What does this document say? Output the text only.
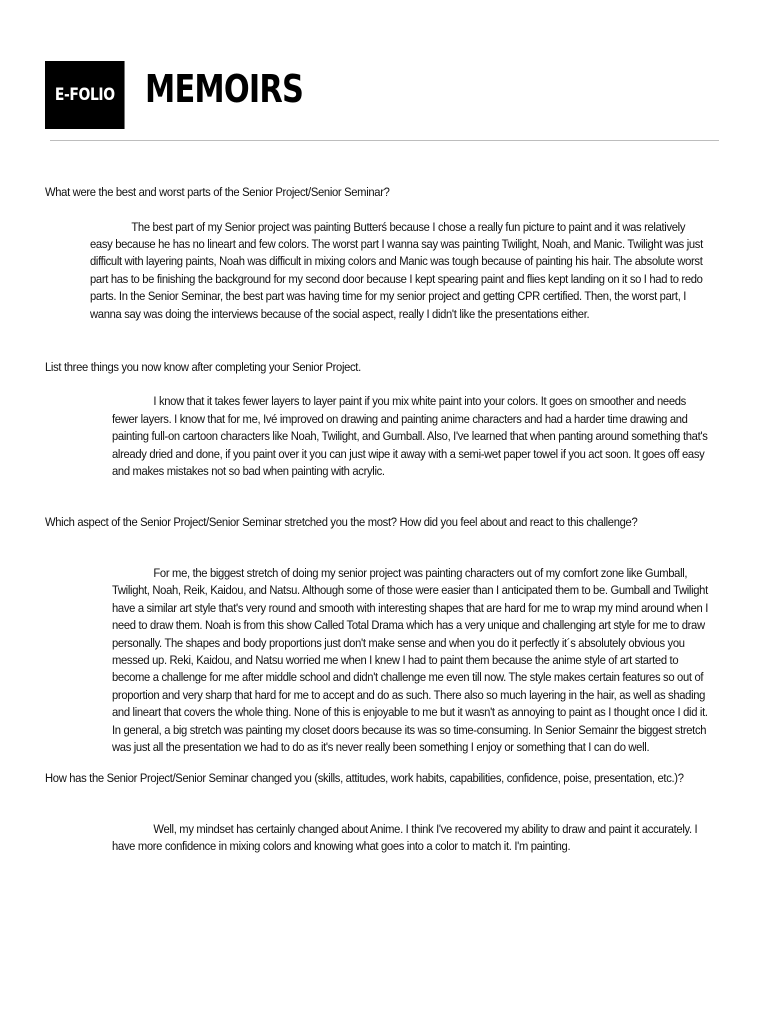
E-FOLIO MEMOIRS

What were the best and worst parts of the Senior Project/Senior Seminar?

The best part of my Senior project was painting Butterś because I chose a really fun picture to paint and it was relatively easy because he has no lineart and few colors. The worst part I wanna say was painting Twilight, Noah, and Manic. Twilight was just difficult with layering paints, Noah was difficult in mixing colors and Manic was tough because of painting his hair. The absolute worst part has to be finishing the background for my second door because I kept spearing paint and flies kept landing on it so I had to redo parts. In the Senior Seminar, the best part was having time for my senior project and getting CPR certified. Then, the worst part, I wanna say was doing the interviews because of the social aspect, really I didn't like the presentations either.

List three things you now know after completing your Senior Project.

I know that it takes fewer layers to layer paint if you mix white paint into your colors. It goes on smoother and needs fewer layers. I know that for me, Ivé improved on drawing and painting anime characters and had a harder time drawing and painting full-on cartoon characters like Noah, Twilight, and Gumball. Also, I've learned that when panting around something that's already dried and done, if you paint over it you can just wipe it away with a semi-wet paper towel if you act soon. It goes off easy and makes mistakes not so bad when painting with acrylic.

Which aspect of the Senior Project/Senior Seminar stretched you the most? How did you feel about and react to this challenge?

For me, the biggest stretch of doing my senior project was painting characters out of my comfort zone like Gumball, Twilight, Noah, Reik, Kaidou, and Natsu. Although some of those were easier than I anticipated them to be. Gumball and Twilight have a similar art style that's very round and smooth with interesting shapes that are hard for me to wrap my mind around when I need to draw them. Noah is from this show Called Total Drama which has a very unique and challenging art style for me to draw personally. The shapes and body proportions just don't make sense and when you do it perfectly it´s absolutely obvious you messed up. Reki, Kaidou, and Natsu worried me when I knew I had to paint them because the anime style of art started to become a challenge for me after middle school and didn't challenge me even till now. The style makes certain features so out of proportion and very sharp that hard for me to accept and do as such. There also so much layering in the hair, as well as shading and lineart that covers the whole thing. None of this is enjoyable to me but it wasn't as annoying to paint as I thought once I did it. In general, a big stretch was painting my closet doors because its was so time-consuming. In Senior Semainr the biggest stretch was just all the presentation we had to do as it's never really been something I enjoy or something that I can do well.

How has the Senior Project/Senior Seminar changed you (skills, attitudes, work habits, capabilities, confidence, poise, presentation, etc.)?

Well, my mindset has certainly changed about Anime. I think I've recovered my ability to draw and paint it accurately. I have more confidence in mixing colors and knowing what goes into a color to match it. I'm painting.
